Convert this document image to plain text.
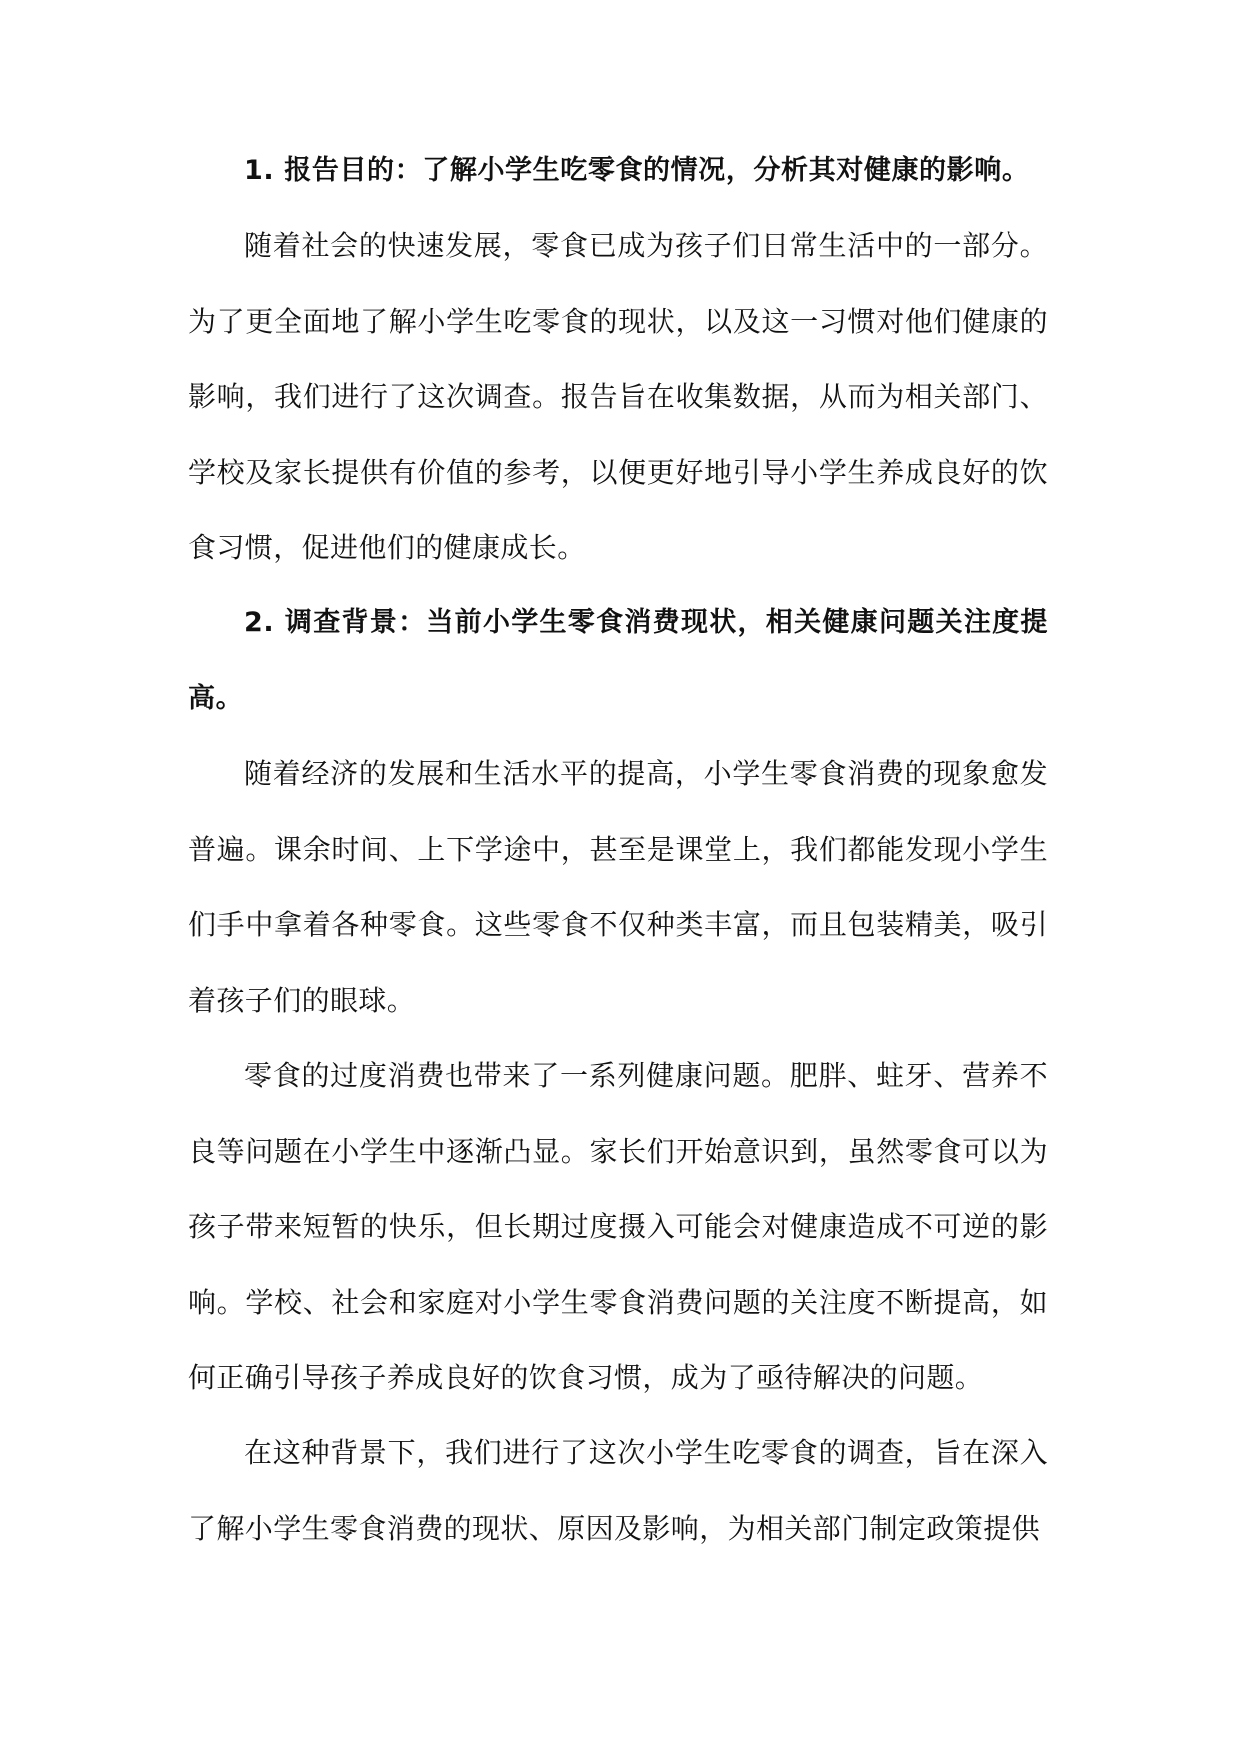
1. 报告目的：了解小学生吃零食的情况，分析其对健康的影响。

随着社会的快速发展，零食已成为孩子们日常生活中的一部分。为了更全面地了解小学生吃零食的现状，以及这一习惯对他们健康的影响，我们进行了这次调查。报告旨在收集数据，从而为相关部门、学校及家长提供有价值的参考，以便更好地引导小学生养成良好的饮食习惯，促进他们的健康成长。

2. 调查背景：当前小学生零食消费现状，相关健康问题关注度提高。

随着经济的发展和生活水平的提高，小学生零食消费的现象愈发普遍。课余时间、上下学途中，甚至是课堂上，我们都能发现小学生们手中拿着各种零食。这些零食不仅种类丰富，而且包装精美，吸引着孩子们的眼球。

零食的过度消费也带来了一系列健康问题。肥胖、蛀牙、营养不良等问题在小学生中逐渐凸显。家长们开始意识到，虽然零食可以为孩子带来短暂的快乐，但长期过度摄入可能会对健康造成不可逆的影响。学校、社会和家庭对小学生零食消费问题的关注度不断提高，如何正确引导孩子养成良好的饮食习惯，成为了亟待解决的问题。

在这种背景下，我们进行了这次小学生吃零食的调查，旨在深入了解小学生零食消费的现状、原因及影响，为相关部门制定政策提供
